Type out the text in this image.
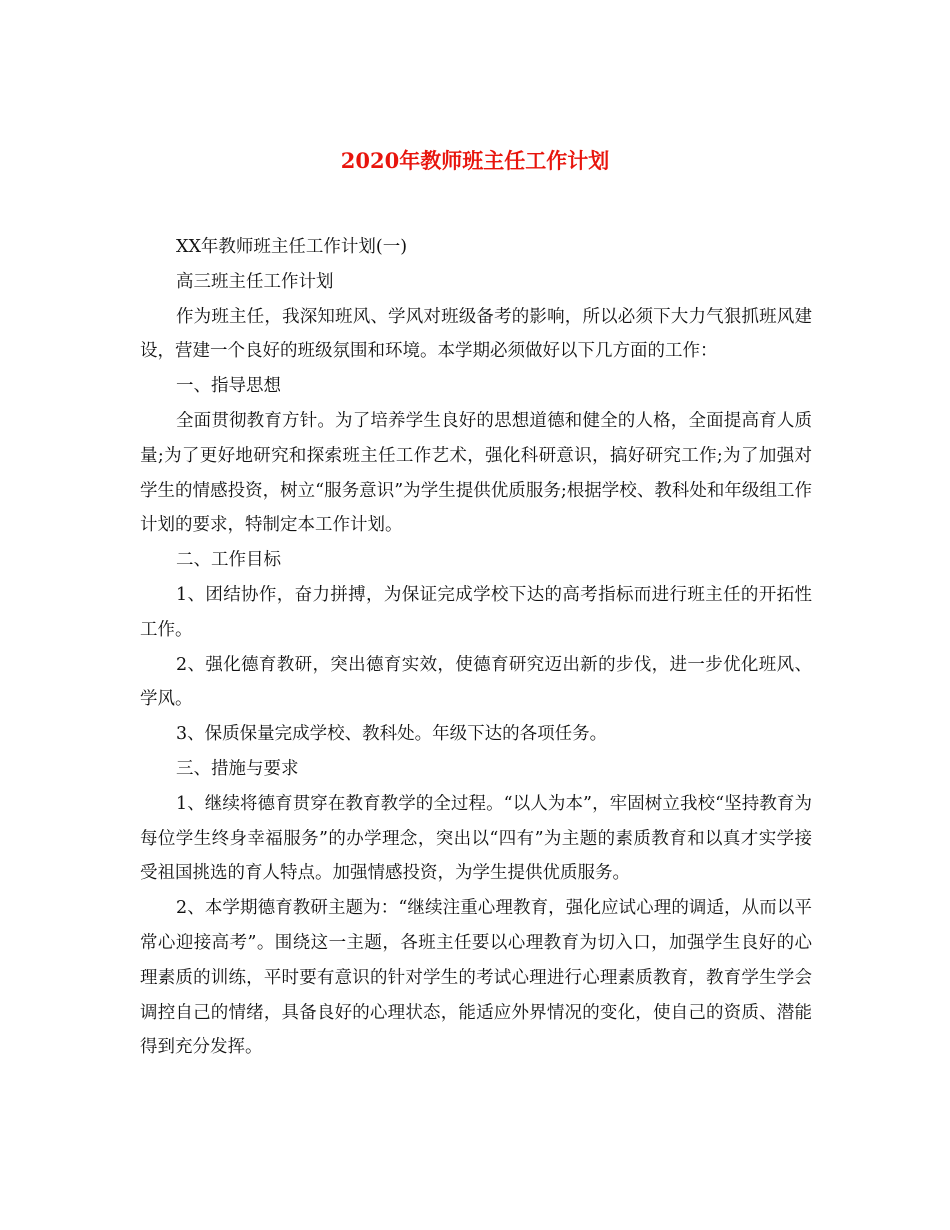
2020年教师班主任工作计划

XX年教师班主任工作计划(一)

高三班主任工作计划

作为班主任，我深知班风、学风对班级备考的影响，所以必须下大力气狠抓班风建设，营建一个良好的班级氛围和环境。本学期必须做好以下几方面的工作：

一、指导思想

全面贯彻教育方针。为了培养学生良好的思想道德和健全的人格，全面提高育人质量;为了更好地研究和探索班主任工作艺术，强化科研意识，搞好研究工作;为了加强对学生的情感投资，树立“服务意识”为学生提供优质服务;根据学校、教科处和年级组工作计划的要求，特制定本工作计划。

二、工作目标

1、团结协作，奋力拼搏，为保证完成学校下达的高考指标而进行班主任的开拓性工作。

2、强化德育教研，突出德育实效，使德育研究迈出新的步伐，进一步优化班风、学风。

3、保质保量完成学校、教科处。年级下达的各项任务。

三、措施与要求

1、继续将德育贯穿在教育教学的全过程。“以人为本”，牢固树立我校“坚持教育为每位学生终身幸福服务”的办学理念，突出以“四有”为主题的素质教育和以真才实学接受祖国挑选的育人特点。加强情感投资，为学生提供优质服务。

2、本学期德育教研主题为：“继续注重心理教育，强化应试心理的调适，从而以平常心迎接高考”。围绕这一主题，各班主任要以心理教育为切入口，加强学生良好的心理素质的训练，平时要有意识的针对学生的考试心理进行心理素质教育，教育学生学会调控自己的情绪，具备良好的心理状态，能适应外界情况的变化，使自己的资质、潜能得到充分发挥。
